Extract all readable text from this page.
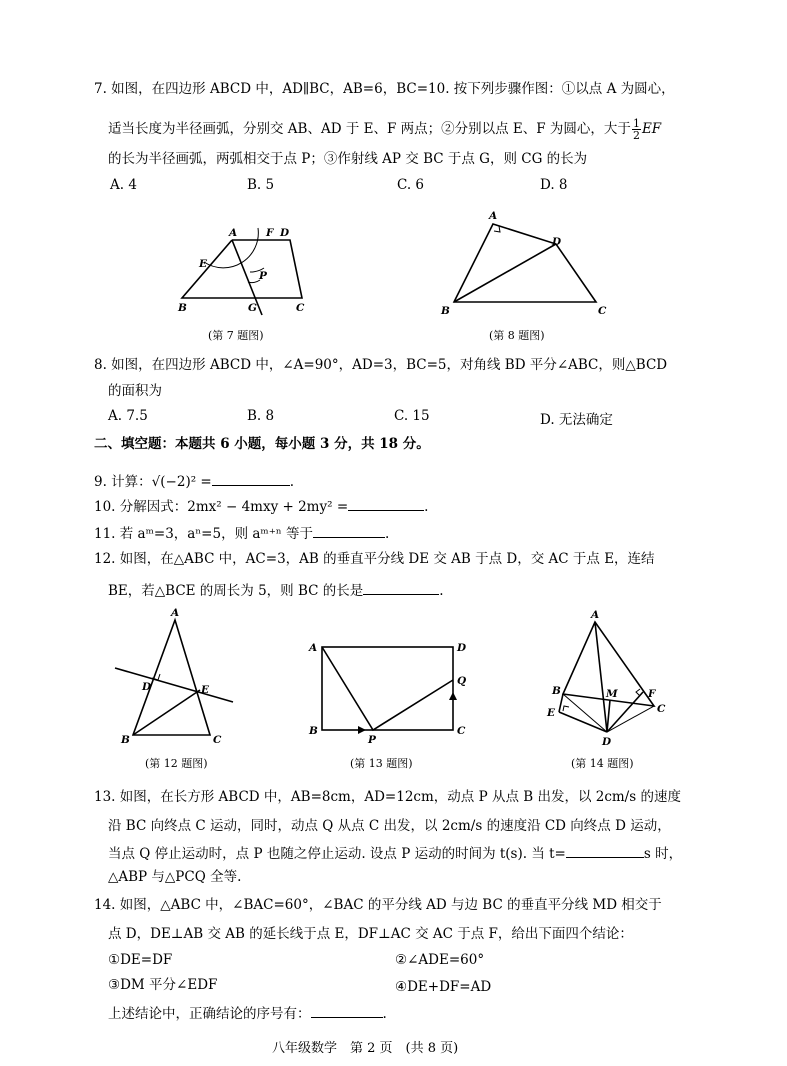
7. 如图，在四边形 ABCD 中，AD∥BC，AB=6，BC=10. 按下列步骤作图：①以点 A 为圆心，
适当长度为半径画弧，分别交 AB、AD 于 E、F 两点；②分别以点 E、F 为圆心，大于 $\frac{1}{2}$ EF
的长为半径画弧，两弧相交于点 P；③作射线 AP 交 BC 于点 G，则 CG 的长为
A. 4	B. 5	C. 6	D. 8
A	F D
E
P
B	G	C
(第 7 题图)
A
D
B	C
(第 8 题图)
8. 如图，在四边形 ABCD 中，∠A=90°，AD=3，BC=5，对角线 BD 平分∠ABC，则△BCD
的面积为
A. 7.5	B. 8	C. 15	D. 无法确定
二、填空题：本题共 6 小题，每小题 3 分，共 18 分。
9. 计算：√(−2)² =	.
10. 分解因式：2mx² − 4mxy + 2my² =	.
11. 若 aᵐ=3，aⁿ=5，则 aᵐ⁺ⁿ 等于	.
12. 如图，在△ABC 中，AC=3，AB 的垂直平分线 DE 交 AB 于点 D，交 AC 于点 E，连结
BE，若△BCE 的周长为 5，则 BC 的长是	.
A
D	E
B	C
(第 12 题图)
A	D
Q
B
P
C
(第 13 题图)
A
B	M	F
E	C
D
(第 14 题图)
13. 如图，在长方形 ABCD 中，AB=8cm，AD=12cm，动点 P 从点 B 出发，以 2cm/s 的速度
沿 BC 向终点 C 运动，同时，动点 Q 从点 C 出发，以 2cm/s 的速度沿 CD 向终点 D 运动，
当点 Q 停止运动时，点 P 也随之停止运动. 设点 P 运动的时间为 t(s). 当 t=	s 时，
△ABP 与△PCQ 全等.
14. 如图，△ABC 中，∠BAC=60°，∠BAC 的平分线 AD 与边 BC 的垂直平分线 MD 相交于
点 D，DE⊥AB 交 AB 的延长线于点 E，DF⊥AC 交 AC 于点 F，给出下面四个结论：
①DE=DF	②∠ADE=60°
③DM 平分∠EDF	④DE+DF=AD
上述结论中，正确结论的序号有：	.
八年级数学　第 2 页　(共 8 页)
